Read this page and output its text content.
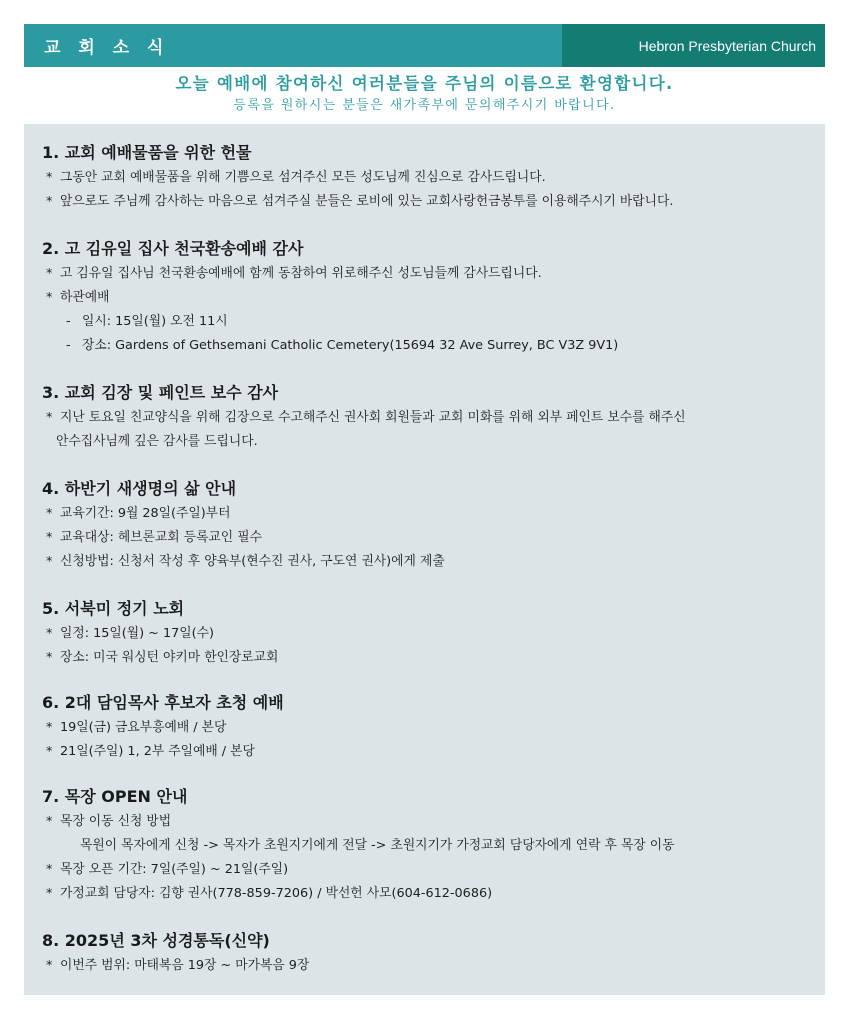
교 회 소 식	Hebron Presbyterian Church
오늘 예배에 참여하신 여러분들을 주님의 이름으로 환영합니다.
등록을 원하시는 분들은 새가족부에 문의해주시기 바랍니다.
1. 교회 예배물품을 위한 헌물
* 그동안 교회 예배물품을 위해 기쁨으로 섬겨주신 모든 성도님께 진심으로 감사드립니다.
* 앞으로도 주님께 감사하는 마음으로 섬겨주실 분들은 로비에 있는 교회사랑헌금봉투를 이용해주시기 바랍니다.
2. 고 김유일 집사 천국환송예배 감사
* 고 김유일 집사님 천국환송예배에 함께 동참하여 위로해주신 성도님들께 감사드립니다.
* 하관예배
- 일시: 15일(월) 오전 11시
- 장소: Gardens of Gethsemani Catholic Cemetery(15694 32 Ave Surrey, BC V3Z 9V1)
3. 교회 김장 및 페인트 보수 감사
* 지난 토요일 친교양식을 위해 김장으로 수고해주신 권사회 회원들과 교회 미화를 위해 외부 페인트 보수를 해주신
안수집사님께 깊은 감사를 드립니다.
4. 하반기 새생명의 삶 안내
* 교육기간: 9월 28일(주일)부터
* 교육대상: 헤브론교회 등록교인 필수
* 신청방법: 신청서 작성 후 양육부(현수진 권사, 구도연 권사)에게 제출
5. 서북미 정기 노회
* 일정: 15일(월) ~ 17일(수)
* 장소: 미국 워싱턴 야키마 한인장로교회
6. 2대 담임목사 후보자 초청 예배
* 19일(금) 금요부흥예배 / 본당
* 21일(주일) 1, 2부 주일예배 / 본당
7. 목장 OPEN 안내
* 목장 이동 신청 방법
목원이 목자에게 신청 -> 목자가 초원지기에게 전달 -> 초원지기가 가정교회 담당자에게 연락 후 목장 이동
* 목장 오픈 기간: 7일(주일) ~ 21일(주일)
* 가정교회 담당자: 김향 권사(778-859-7206) / 박선헌 사모(604-612-0686)
8. 2025년 3차 성경통독(신약)
* 이번주 범위: 마태복음 19장 ~ 마가복음 9장
